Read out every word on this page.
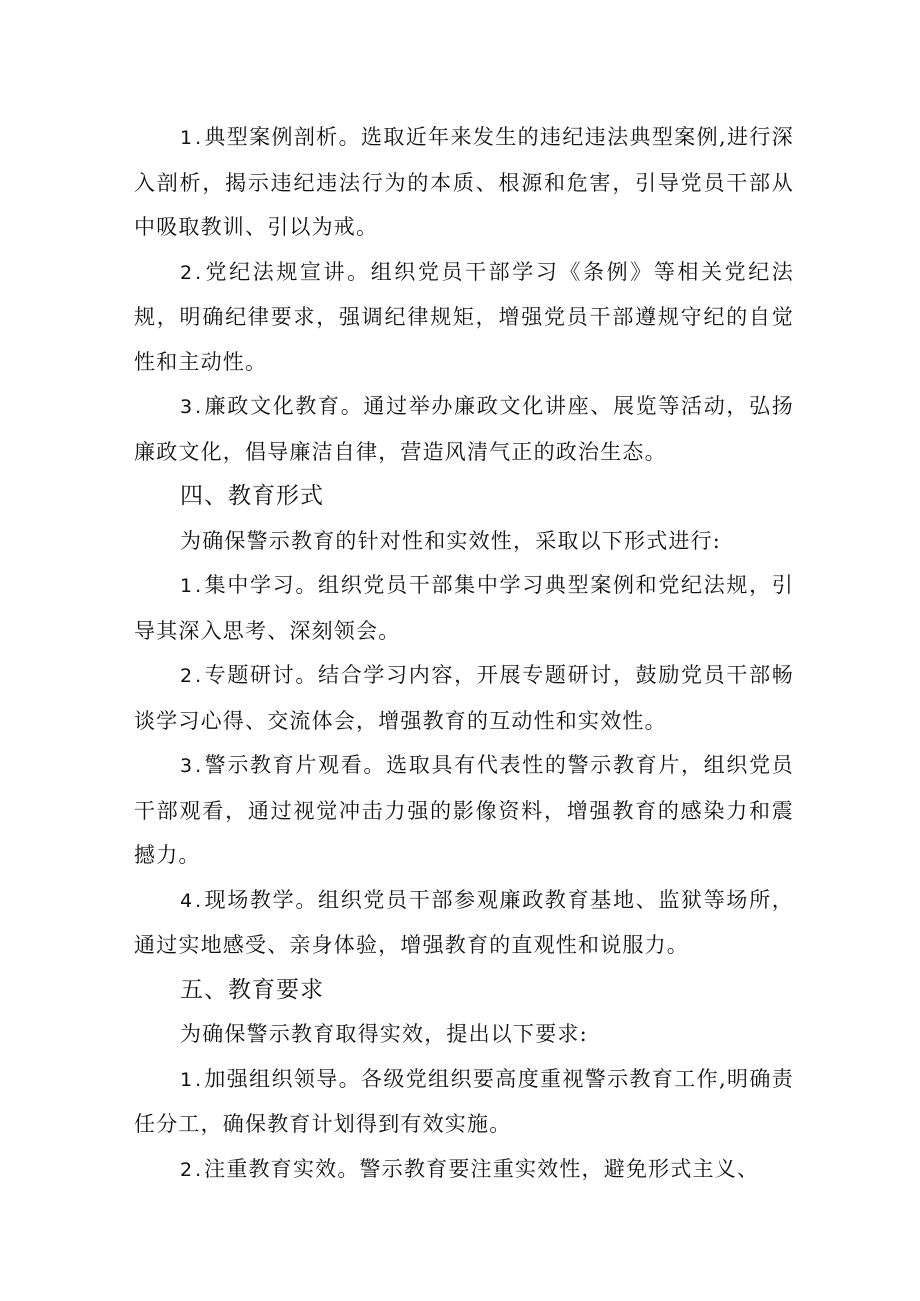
1.典型案例剖析。选取近年来发生的违纪违法典型案例,进行深入剖析，揭示违纪违法行为的本质、根源和危害，引导党员干部从中吸取教训、引以为戒。

2.党纪法规宣讲。组织党员干部学习《条例》等相关党纪法规，明确纪律要求，强调纪律规矩，增强党员干部遵规守纪的自觉性和主动性。

3.廉政文化教育。通过举办廉政文化讲座、展览等活动，弘扬廉政文化，倡导廉洁自律，营造风清气正的政治生态。

四、教育形式

为确保警示教育的针对性和实效性，采取以下形式进行:

1.集中学习。组织党员干部集中学习典型案例和党纪法规，引导其深入思考、深刻领会。

2.专题研讨。结合学习内容，开展专题研讨，鼓励党员干部畅谈学习心得、交流体会，增强教育的互动性和实效性。

3.警示教育片观看。选取具有代表性的警示教育片，组织党员干部观看，通过视觉冲击力强的影像资料，增强教育的感染力和震撼力。

4.现场教学。组织党员干部参观廉政教育基地、监狱等场所，通过实地感受、亲身体验，增强教育的直观性和说服力。

五、教育要求

为确保警示教育取得实效，提出以下要求:

1.加强组织领导。各级党组织要高度重视警示教育工作,明确责任分工，确保教育计划得到有效实施。

2.注重教育实效。警示教育要注重实效性，避免形式主义、
